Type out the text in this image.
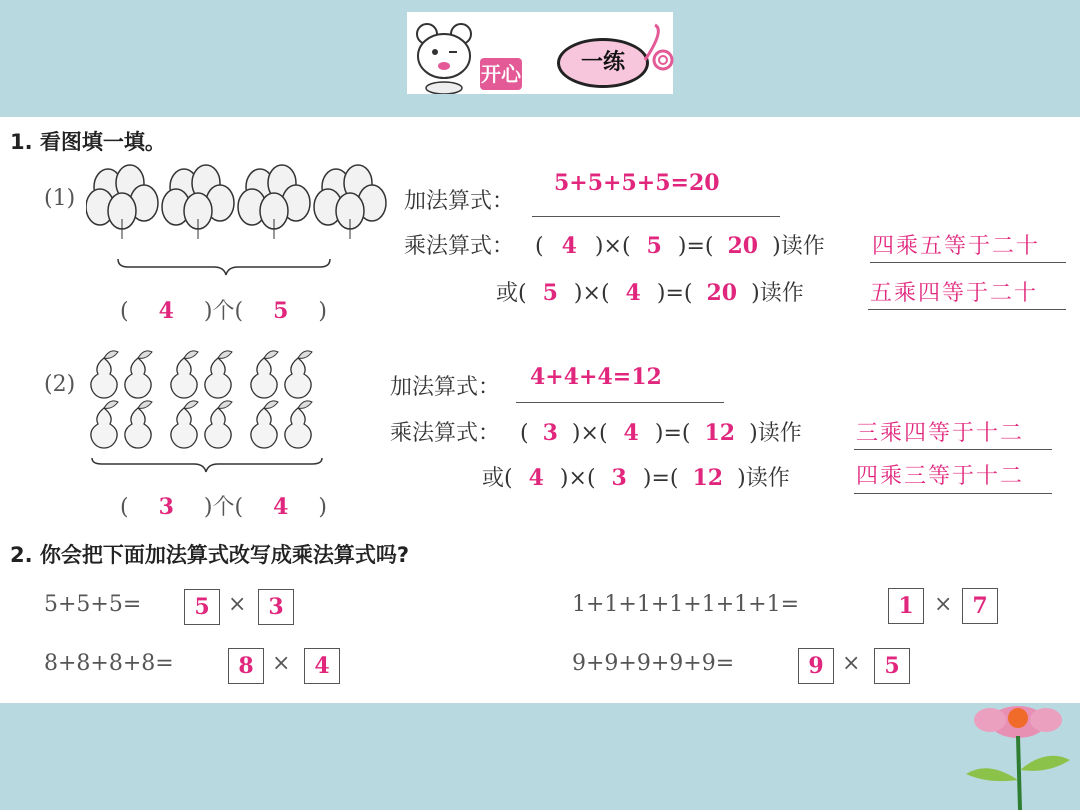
开心	一练
1. 看图填一填。
(1)	加法算式：
5+5+5+5=20
乘法算式： ( 4 )×( 5 )=( 20 )读作 四乘五等于二十
或( 5 )×( 4 )=( 20 )读作	五乘四等于二十
( 4 )个( 5 )
(2)	加法算式： 4+4+4=12
乘法算式： ( 3 )×( 4 )=( 12 )读作 三乘四等于十二
或( 4 )×( 3 )=( 12 )读作	四乘三等于十二
( 3 )个( 4 )
2. 你会把下面加法算式改写成乘法算式吗?
5+5+5=	5 × 3	1+1+1+1+1+1+1=	1 × 7
8+8+8+8=	8 ×	4	9+9+9+9+9=	9 ×	5
